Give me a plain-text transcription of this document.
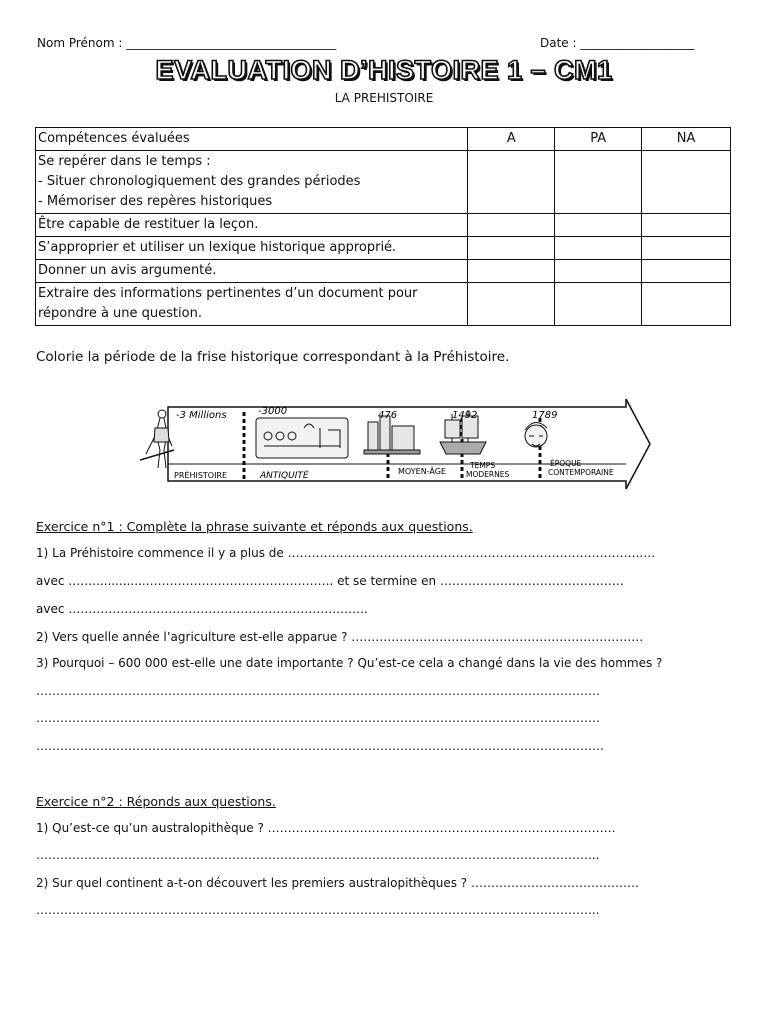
Nom Prénom : ___________________________________	Date : ___________________
EVALUATION D’HISTOIRE 1 – CM1
LA PREHISTOIRE
Compétences évaluées	A	PA	NA

Se repérer dans le temps :
- Situer chronologiquement des grandes périodes
- Mémoriser des repères historiques			

Être capable de restituer la leçon.			
S’approprier et utiliser un lexique historique approprié.			
Donner un avis argumenté.			

Extraire des informations pertinentes d’un document pour
répondre à une question.			

Colorie la période de la frise historique correspondant à la Préhistoire.
-3 Millions	-3000	476	1492	1789
PRÉHISTOIRE	ANTIQUITÉ	MOYEN-ÂGE
TEMPS
MODERNES
ÉPOQUE
CONTEMPORAINE
Exercice n°1 : Complète la phrase suivante et réponds aux questions.
1) La Préhistoire commence il y a plus de ……………………………………………………………………………..…
avec ……..............……………………………………….. et se termine en ……………….………………………
avec ………………………………………………………….……..
2) Vers quelle année l’agriculture est-elle apparue ? ……………………………………………………………….
3) Pourquoi – 600 000 est-elle une date importante ? Qu’est-ce cela a changé dans la vie des hommes ?
……………………………………………………………………………………………………………………………
……………………………………………………………………………………………………………………………
…………………………………………………………………………………………………………………………….
Exercice n°2 : Réponds aux questions.
1) Qu’est-ce qu’un australopithèque ? ……………………………………………………………………………
…………………………………………………………………………………………………………………………...
2) Sur quel continent a-t-on découvert les premiers australopithèques ? ……………………………………
…………………………………………………………………………………………………………………………...
